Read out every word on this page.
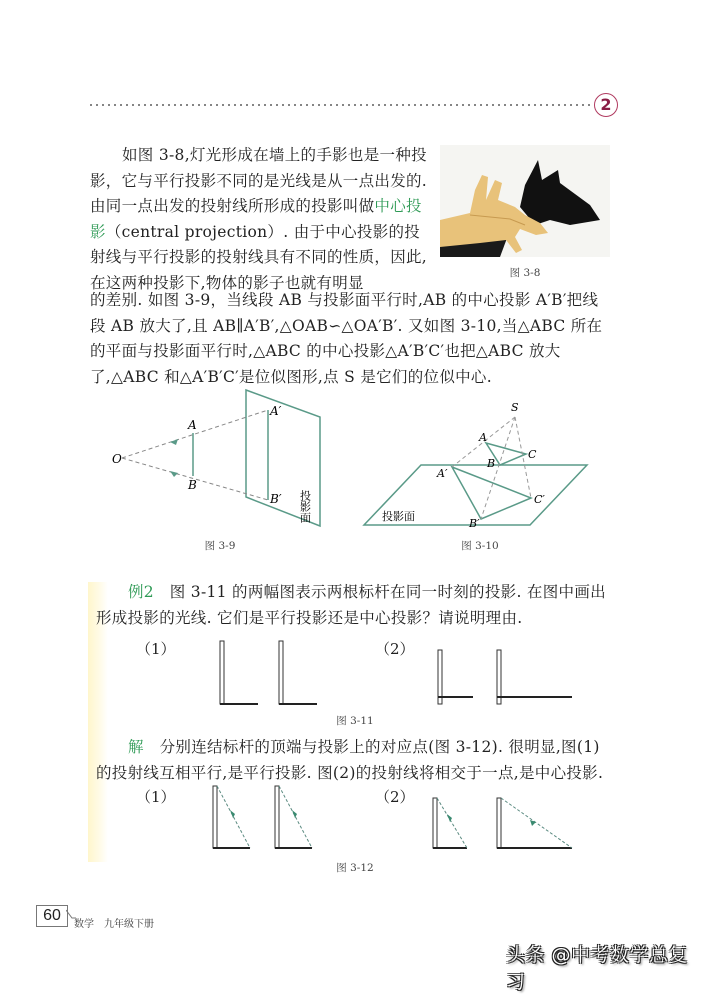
2
如图 3-8,灯光形成在墙上的手影也是一种投影，它与平行投影不同的是光线是从一点出发的. 由同一点出发的投射线所形成的投影叫做中心投影（central projection）. 由于中心投影的投射线与平行投影的投射线具有不同的性质，因此,在这两种投影下,物体的影子也就有明显
图 3-8
的差别. 如图 3-9，当线段 AB 与投影面平行时,AB 的中心投影 A′B′把线段 AB 放大了,且 AB∥A′B′,△OAB∽△OA′B′. 又如图 3-10,当△ABC 所在的平面与投影面平行时,△ABC 的中心投影△A′B′C′也把△ABC 放大了,△ABC 和△A′B′C′是位似图形,点 S 是它们的位似中心.
O
A
B
A′
B′ 投影面
图 3-9
S
A
B
C
A′
B′
C′
投影面
图 3-10
例2　 图 3-11 的两幅图表示两根标杆在同一时刻的投影. 在图中画出形成投影的光线. 它们是平行投影还是中心投影？请说明理由.
（1）	（2）
图 3-11
解　 分别连结标杆的顶端与投影上的对应点(图 3-12). 很明显,图(1)的投射线互相平行,是平行投影. 图(2)的投射线将相交于一点,是中心投影.
（1）	（2）
图 3-12
60
数学　九年级下册
头条 @中考数学总复习
